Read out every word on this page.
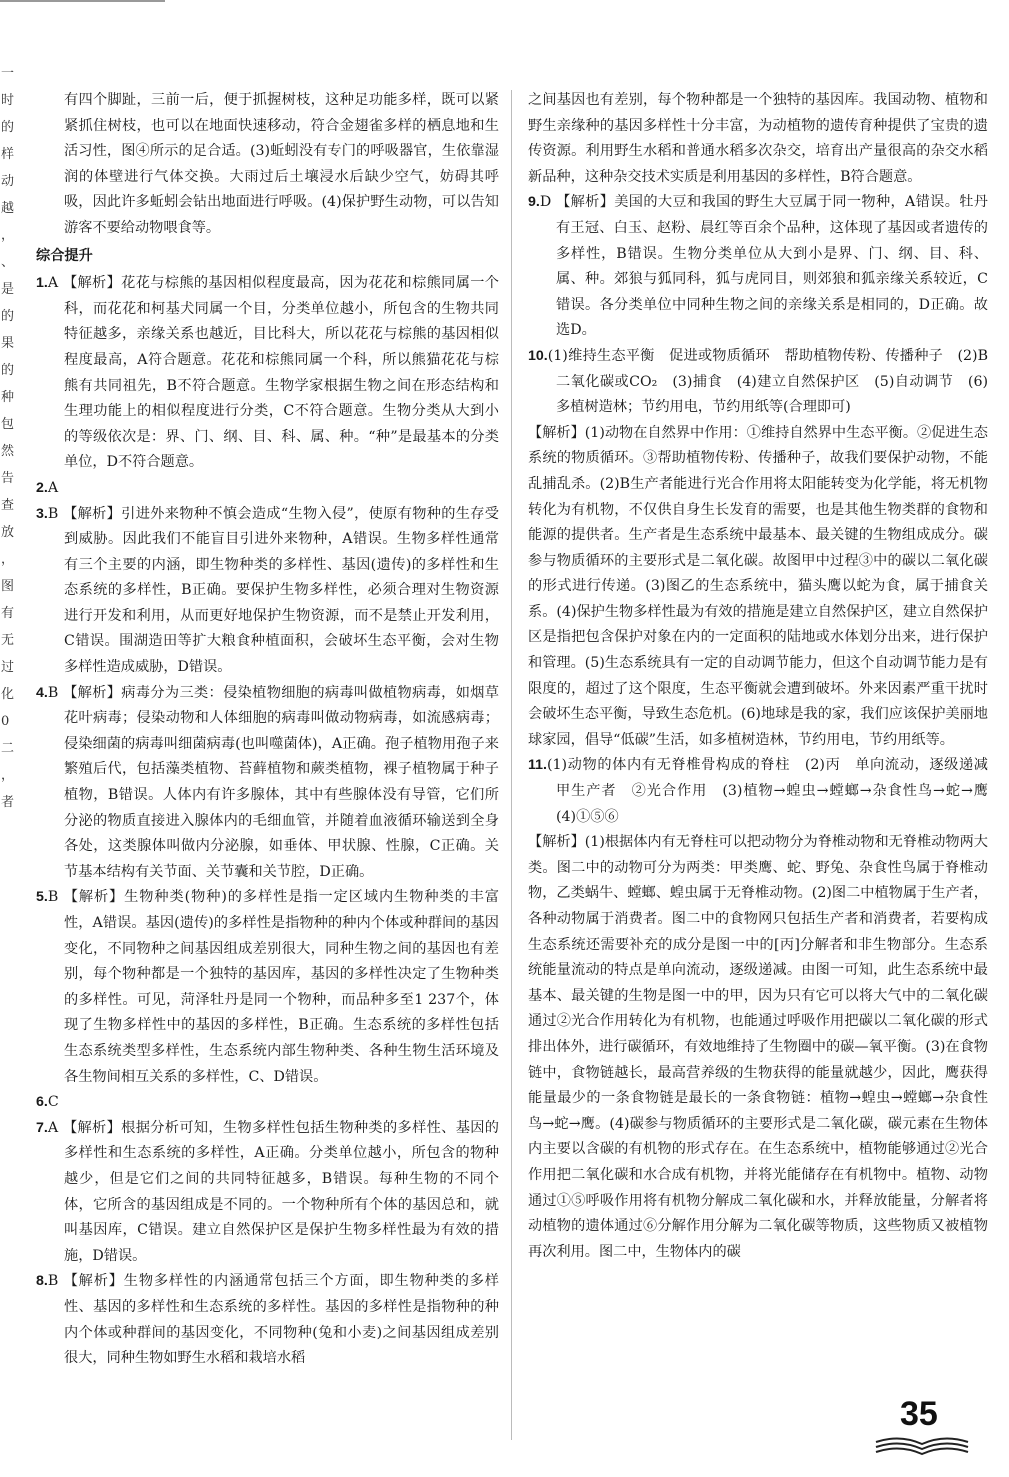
一
时
的
样
动
越
，
、
是
的
果
的
种
包
然
告
查
放
，
图
有
无
过
化
0
二
，
者

有四个脚趾，三前一后，便于抓握树枝，这种足功能多样，既可以紧紧抓住树枝，也可以在地面快速移动，符合金翅雀多样的栖息地和生活习性，图④所示的足合适。(3)蚯蚓没有专门的呼吸器官，生依靠湿润的体壁进行气体交换。大雨过后土壤浸水后缺少空气，妨碍其呼吸，因此许多蚯蚓会钻出地面进行呼吸。(4)保护野生动物，可以告知游客不要给动物喂食等。

综合提升

1.A 【解析】花花与棕熊的基因相似程度最高，因为花花和棕熊同属一个科，而花花和柯基犬同属一个目，分类单位越小，所包含的生物共同特征越多，亲缘关系也越近，目比科大，所以花花与棕熊的基因相似程度最高，A符合题意。花花和棕熊同属一个科，所以熊猫花花与棕熊有共同祖先，B不符合题意。生物学家根据生物之间在形态结构和生理功能上的相似程度进行分类，C不符合题意。生物分类从大到小的等级依次是：界、门、纲、目、科、属、种。“种”是最基本的分类单位，D不符合题意。

2.A

3.B 【解析】引进外来物种不慎会造成“生物入侵”，使原有物种的生存受到威胁。因此我们不能盲目引进外来物种，A错误。生物多样性通常有三个主要的内涵，即生物种类的多样性、基因(遗传)的多样性和生态系统的多样性，B正确。要保护生物多样性，必须合理对生物资源进行开发和利用，从而更好地保护生物资源，而不是禁止开发利用，C错误。围湖造田等扩大粮食种植面积，会破坏生态平衡，会对生物多样性造成威胁，D错误。

4.B 【解析】病毒分为三类：侵染植物细胞的病毒叫做植物病毒，如烟草花叶病毒；侵染动物和人体细胞的病毒叫做动物病毒，如流感病毒；侵染细菌的病毒叫细菌病毒(也叫噬菌体)，A正确。孢子植物用孢子来繁殖后代，包括藻类植物、苔藓植物和蕨类植物，裸子植物属于种子植物，B错误。人体内有许多腺体，其中有些腺体没有导管，它们所分泌的物质直接进入腺体内的毛细血管，并随着血液循环输送到全身各处，这类腺体叫做内分泌腺，如垂体、甲状腺、性腺，C正确。关节基本结构有关节面、关节囊和关节腔，D正确。

5.B 【解析】生物种类(物种)的多样性是指一定区域内生物种类的丰富性，A错误。基因(遗传)的多样性是指物种的种内个体或种群间的基因变化，不同物种之间基因组成差别很大，同种生物之间的基因也有差别，每个物种都是一个独特的基因库，基因的多样性决定了生物种类的多样性。可见，菏泽牡丹是同一个物种，而品种多至1 237个，体现了生物多样性中的基因的多样性，B正确。生态系统的多样性包括生态系统类型多样性，生态系统内部生物种类、各种生物生活环境及各生物间相互关系的多样性，C、D错误。

6.C

7.A 【解析】根据分析可知，生物多样性包括生物种类的多样性、基因的多样性和生态系统的多样性，A正确。分类单位越小，所包含的物种越少，但是它们之间的共同特征越多，B错误。每种生物的不同个体，它所含的基因组成是不同的。一个物种所有个体的基因总和，就叫基因库，C错误。建立自然保护区是保护生物多样性最为有效的措施，D错误。

8.B 【解析】生物多样性的内涵通常包括三个方面，即生物种类的多样性、基因的多样性和生态系统的多样性。基因的多样性是指物种的种内个体或种群间的基因变化，不同物种(兔和小麦)之间基因组成差别很大，同种生物如野生水稻和栽培水稻

之间基因也有差别，每个物种都是一个独特的基因库。我国动物、植物和野生亲缘种的基因多样性十分丰富，为动植物的遗传育种提供了宝贵的遗传资源。利用野生水稻和普通水稻多次杂交，培育出产量很高的杂交水稻新品种，这种杂交技术实质是利用基因的多样性，B符合题意。

9.D 【解析】美国的大豆和我国的野生大豆属于同一物种，A错误。牡丹有王冠、白玉、赵粉、晨红等百余个品种，这体现了基因或者遗传的多样性，B错误。生物分类单位从大到小是界、门、纲、目、科、属、种。郊狼与狐同科，狐与虎同目，则郊狼和狐亲缘关系较近，C错误。各分类单位中同种生物之间的亲缘关系是相同的，D正确。故选D。

10.(1)维持生态平衡　促进或物质循环　帮助植物传粉、传播种子　(2)B　二氧化碳或CO₂　(3)捕食　(4)建立自然保护区　(5)自动调节　(6)多植树造林；节约用电，节约用纸等(合理即可)

【解析】(1)动物在自然界中作用：①维持自然界中生态平衡。②促进生态系统的物质循环。③帮助植物传粉、传播种子，故我们要保护动物，不能乱捕乱杀。(2)B生产者能进行光合作用将太阳能转变为化学能，将无机物转化为有机物，不仅供自身生长发育的需要，也是其他生物类群的食物和能源的提供者。生产者是生态系统中最基本、最关键的生物组成成分。碳参与物质循环的主要形式是二氧化碳。故图甲中过程③中的碳以二氧化碳的形式进行传递。(3)图乙的生态系统中，猫头鹰以蛇为食，属于捕食关系。(4)保护生物多样性最为有效的措施是建立自然保护区，建立自然保护区是指把包含保护对象在内的一定面积的陆地或水体划分出来，进行保护和管理。(5)生态系统具有一定的自动调节能力，但这个自动调节能力是有限度的，超过了这个限度，生态平衡就会遭到破坏。外来因素严重干扰时会破坏生态平衡，导致生态危机。(6)地球是我的家，我们应该保护美丽地球家园，倡导“低碳”生活，如多植树造林，节约用电，节约用纸等。

11.(1)动物的体内有无脊椎骨构成的脊柱　(2)丙　单向流动，逐级递减　甲生产者　②光合作用　(3)植物→蝗虫→螳螂→杂食性鸟→蛇→鹰　(4)①⑤⑥

【解析】(1)根据体内有无脊柱可以把动物分为脊椎动物和无脊椎动物两大类。图二中的动物可分为两类：甲类鹰、蛇、野兔、杂食性鸟属于脊椎动物，乙类蜗牛、螳螂、蝗虫属于无脊椎动物。(2)图二中植物属于生产者，各种动物属于消费者。图二中的食物网只包括生产者和消费者，若要构成生态系统还需要补充的成分是图一中的[丙]分解者和非生物部分。生态系统能量流动的特点是单向流动，逐级递减。由图一可知，此生态系统中最基本、最关键的生物是图一中的甲，因为只有它可以将大气中的二氧化碳通过②光合作用转化为有机物，也能通过呼吸作用把碳以二氧化碳的形式排出体外，进行碳循环，有效地维持了生物圈中的碳—氧平衡。(3)在食物链中，食物链越长，最高营养级的生物获得的能量就越少，因此，鹰获得能量最少的一条食物链是最长的一条食物链：植物→蝗虫→螳螂→杂食性鸟→蛇→鹰。(4)碳参与物质循环的主要形式是二氧化碳，碳元素在生物体内主要以含碳的有机物的形式存在。在生态系统中，植物能够通过②光合作用把二氧化碳和水合成有机物，并将光能储存在有机物中。植物、动物通过①⑤呼吸作用将有机物分解成二氧化碳和水，并释放能量，分解者将动植物的遗体通过⑥分解作用分解为二氧化碳等物质，这些物质又被植物再次利用。图二中，生物体内的碳

35
